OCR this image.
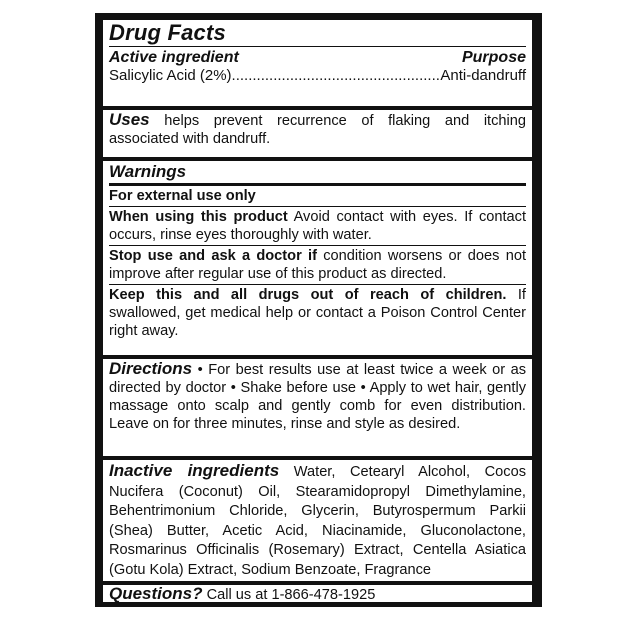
Drug Facts
Active ingredient	Purpose
Salicylic Acid (2%) .................................................. Anti-dandruff
Uses helps prevent recurrence of flaking and itching associated with dandruff.
Warnings
For external use only
When using this product Avoid contact with eyes. If contact occurs, rinse eyes thoroughly with water.
Stop use and ask a doctor if condition worsens or does not improve after regular use of this product as directed.
Keep this and all drugs out of reach of children. If swallowed, get medical help or contact a Poison Control Center right away.
Directions • For best results use at least twice a week or as directed by doctor • Shake before use • Apply to wet hair, gently massage onto scalp and gently comb for even distribution. Leave on for three minutes, rinse and style as desired.
Inactive ingredients Water, Cetearyl Alcohol, Cocos Nucifera (Coconut) Oil, Stearamidopropyl Dimethylamine, Behentrimonium Chloride, Glycerin, Butyrospermum Parkii (Shea) Butter, Acetic Acid, Niacinamide, Gluconolactone, Rosmarinus Officinalis (Rosemary) Extract, Centella Asiatica (Gotu Kola) Extract, Sodium Benzoate, Fragrance
Questions? Call us at 1-866-478-1925
